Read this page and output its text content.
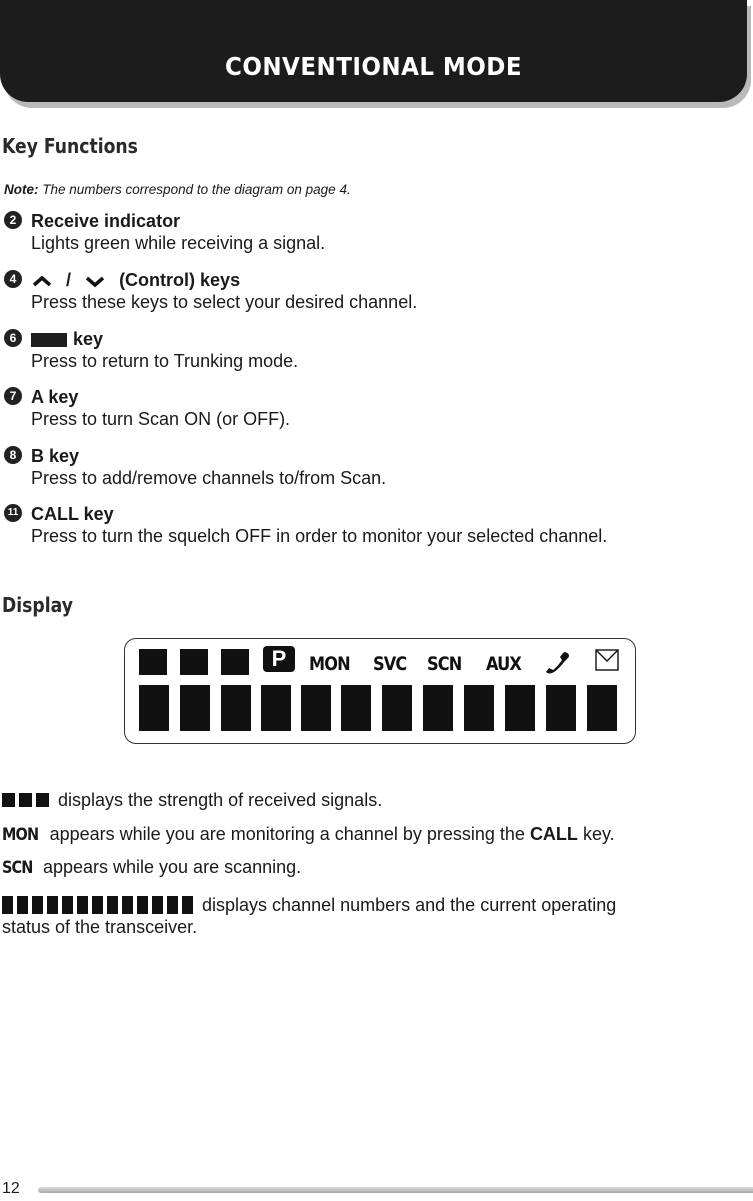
CONVENTIONAL MODE
Key Functions
Note: The numbers correspond to the diagram on page 4.
2 Receive indicator
Lights green while receiving a signal.
4	/	(Control) keys
Press these keys to select your desired channel.
6	key
Press to return to Trunking mode.
7 A key
Press to turn Scan ON (or OFF).
8 B key
Press to add/remove channels to/from Scan.
11 CALL key
Press to turn the squelch OFF in order to monitor your selected channel.
Display
P	MON SVC SCN AUX
displays the strength of received signals.
MON appears while you are monitoring a channel by pressing the CALL key.
SCN appears while you are scanning.
displays channel numbers and the current operating
status of the transceiver.
12
